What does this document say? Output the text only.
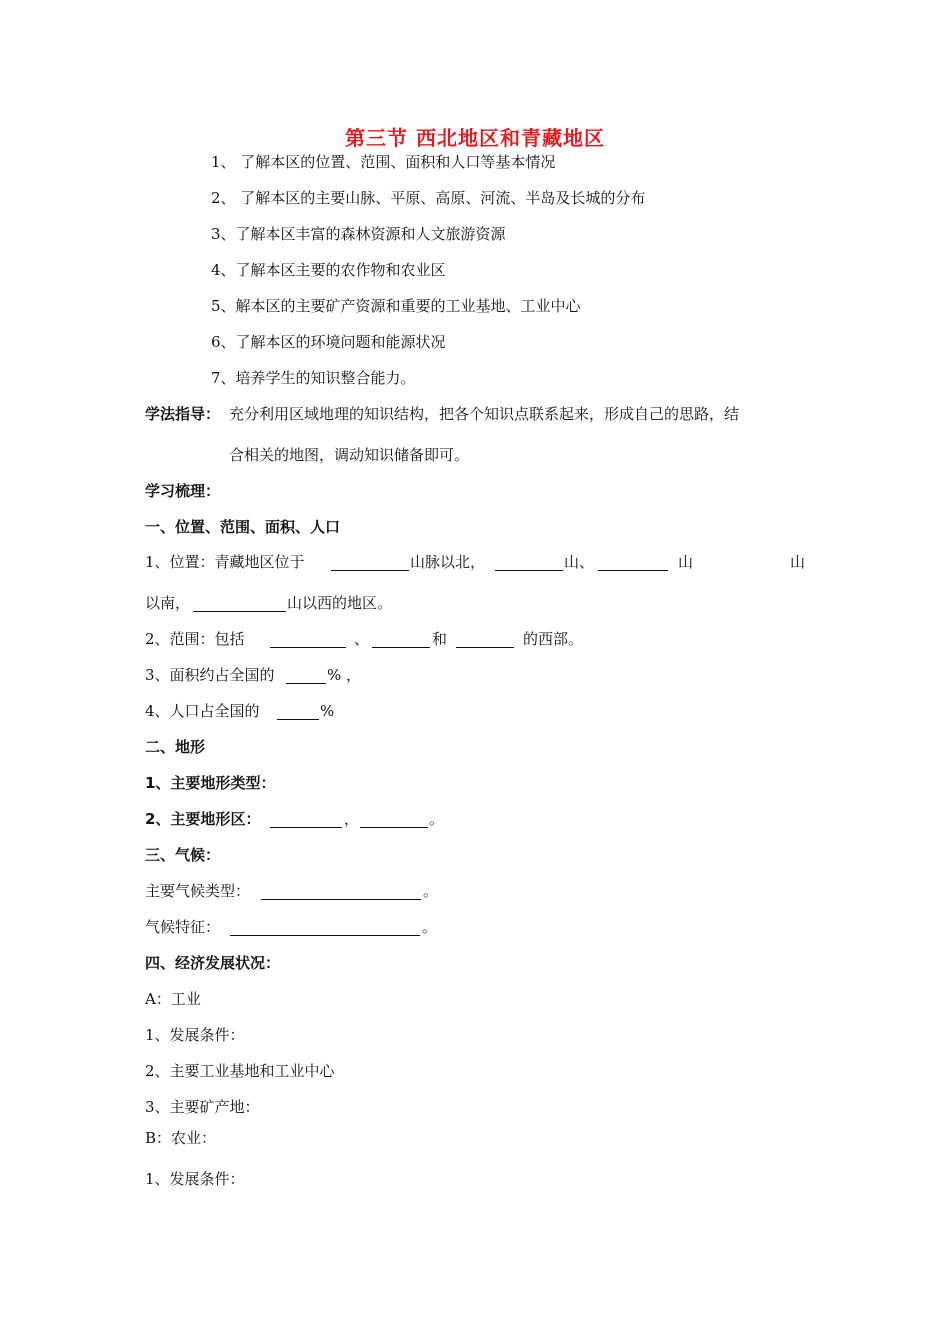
第三节 西北地区和青藏地区
1、 了解本区的位置、范围、面积和人口等基本情况
2、 了解本区的主要山脉、平原、高原、河流、半岛及长城的分布
3、了解本区丰富的森林资源和人文旅游资源
4、了解本区主要的农作物和农业区
5、解本区的主要矿产资源和重要的工业基地、工业中心
6、了解本区的环境问题和能源状况
7、培养学生的知识整合能力。
学法指导： 充分利用区域地理的知识结构，把各个知识点联系起来，形成自己的思路，结
合相关的地图，调动知识储备即可。
学习梳理：
一、位置、范围、面积、人口
1、位置：青藏地区位于	山脉以北，	山、	山	山
以南，	山以西的地区。
2、范围：包括	、	和	的西部。
3、面积约占全国的	% ，
4、人口占全国的	%
二、地形
1、主要地形类型：
2、主要地形区：	，	。
三、气候：
主要气候类型：	。
气候特征：	。
四、经济发展状况：
A：工业
1、发展条件：
2、主要工业基地和工业中心
3、主要矿产地：
B：农业：
1、发展条件：
